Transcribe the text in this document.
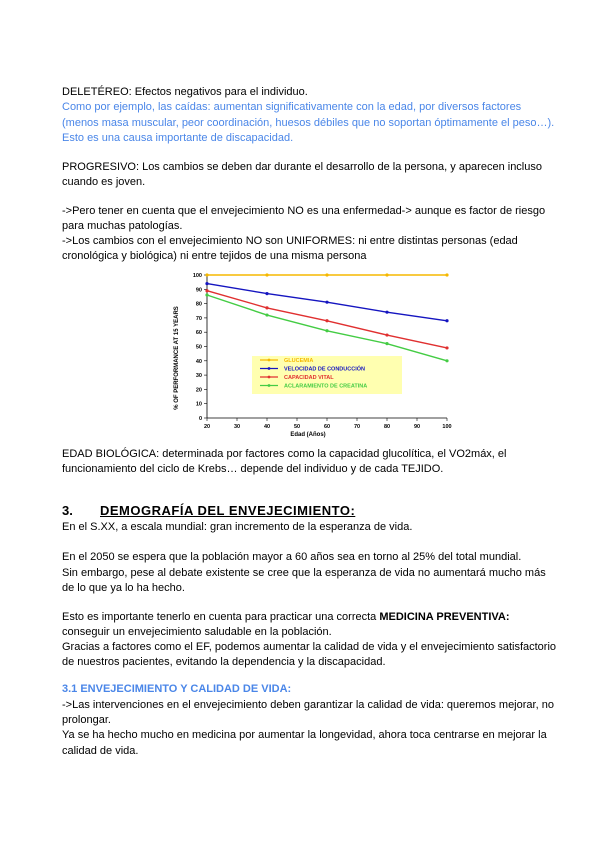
DELETÉREO: Efectos negativos para el individuo.
Como por ejemplo, las caídas: aumentan significativamente con la edad, por diversos factores
(menos masa muscular, peor coordinación, huesos débiles que no soportan óptimamente el peso…).
Esto es una causa importante de discapacidad.
PROGRESIVO: Los cambios se deben dar durante el desarrollo de la persona, y aparecen incluso
cuando es joven.
->Pero tener en cuenta que el envejecimiento NO es una enfermedad-> aunque es factor de riesgo
para muchas patologías.
->Los cambios con el envejecimiento NO son UNIFORMES: ni entre distintas personas (edad
cronológica y biológica) ni entre tejidos de una misma persona
% OF PERFORMANCE AT 15 YEARS
0
10
20
30
40
50
60
70
80
90
100
20	30	40	50	60	70	80	90	100
GLUCEMIA
VELOCIDAD DE CONDUCCIÓN
CAPACIDAD VITAL
ACLARAMIENTO DE CREATINA
Edad (Años)
EDAD BIOLÓGICA: determinada por factores como la capacidad glucolítica, el VO2máx, el
funcionamiento del ciclo de Krebs… depende del individuo y de cada TEJIDO.
3. DEMOGRAFÍA DEL ENVEJECIMIENTO:
En el S.XX, a escala mundial: gran incremento de la esperanza de vida.
En el 2050 se espera que la población mayor a 60 años sea en torno al 25% del total mundial.
Sin embargo, pese al debate existente se cree que la esperanza de vida no aumentará mucho más
de lo que ya lo ha hecho.
Esto es importante tenerlo en cuenta para practicar una correcta MEDICINA PREVENTIVA:
conseguir un envejecimiento saludable en la población.
Gracias a factores como el EF, podemos aumentar la calidad de vida y el envejecimiento satisfactorio
de nuestros pacientes, evitando la dependencia y la discapacidad.
3.1 ENVEJECIMIENTO Y CALIDAD DE VIDA:
->Las intervenciones en el envejecimiento deben garantizar la calidad de vida: queremos mejorar, no
prolongar.
Ya se ha hecho mucho en medicina por aumentar la longevidad, ahora toca centrarse en mejorar la
calidad de vida.
